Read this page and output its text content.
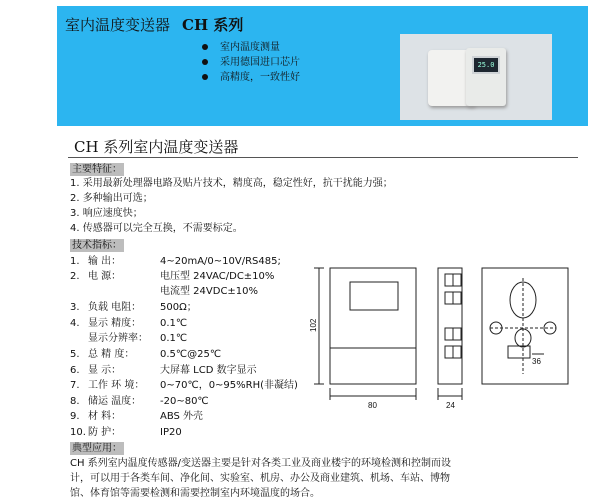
室内温度变送器 CH 系列
室内温度测量
采用德国进口芯片
高精度，一致性好
25.0
CH 系列室内温度变送器
主要特征：
1. 采用最新处理器电路及贴片技术，精度高，稳定性好，抗干扰能力强；
2. 多种输出可选；
3. 响应速度快；
4. 传感器可以完全互换，不需要标定。
技术指标：
1. 输 出：	4~20mA/0~10V/RS485;
2. 电 源：	电压型 24VAC/DC±10%
电流型 24VDC±10%
3. 负载 电阻： 500Ω；
4. 显示 精度： 0.1℃
显示分辨率： 0.1℃
5. 总 精 度：	0.5℃@25℃
6. 显 示：	大屏幕 LCD 数字显示
7. 工作 环 境： 0~70℃，0~95%RH(非凝结)
8. 储运 温度： -20~80℃
9. 材 料：	ABS 外壳
10. 防 护：	IP20
80
102
24
36
典型应用：
CH 系列室内温度传感器/变送器主要是针对各类工业及商业楼宇的环境检测和控制而设
计，可以用于各类车间、净化间、实验室、机房、办公及商业建筑、机场、车站、博物
馆、体育馆等需要检测和需要控制室内环境温度的场合。
